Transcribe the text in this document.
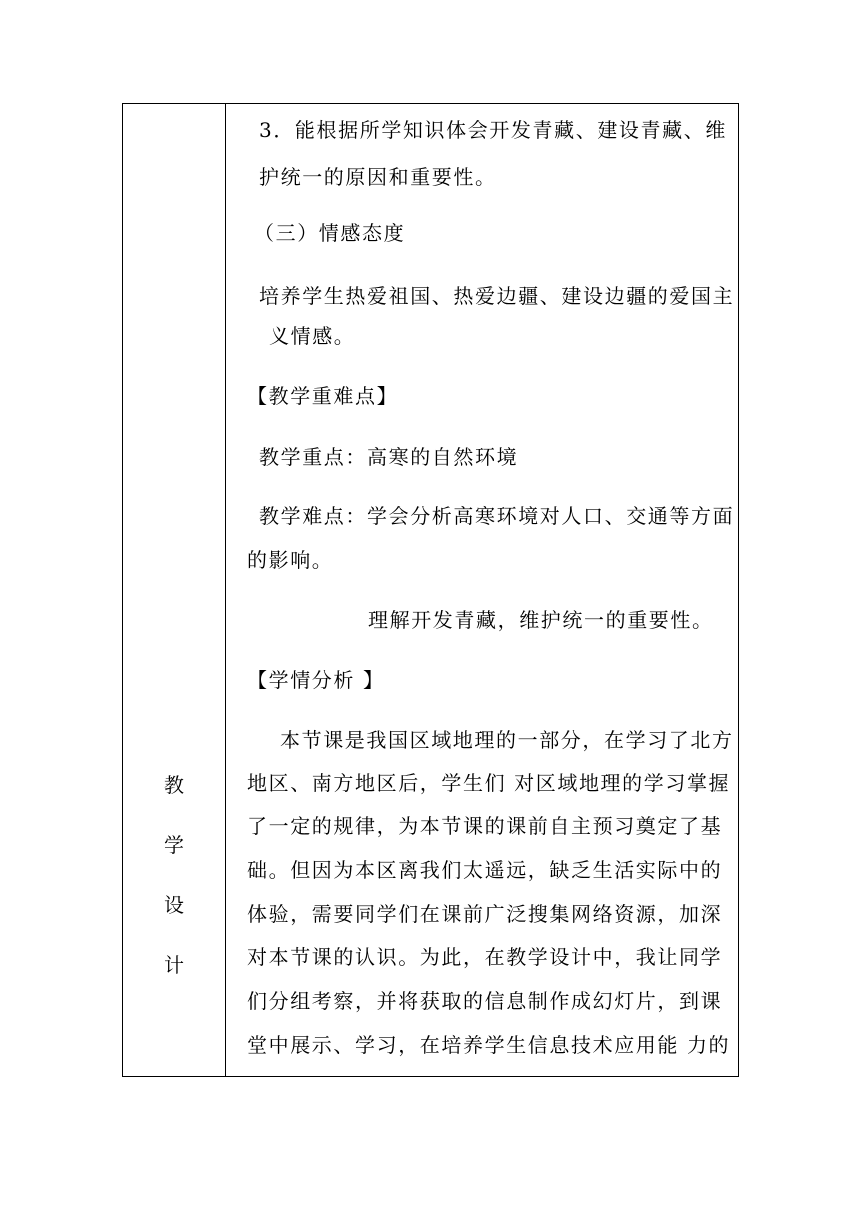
教
学
设
计
3．能根据所学知识体会开发青藏、建设青藏、维
护统一的原因和重要性。
（三）情感态度
培养学生热爱祖国、热爱边疆、建设边疆的爱国主
义情感。
【教学重难点】
教学重点：高寒的自然环境
教学难点：学会分析高寒环境对人口、交通等方面
的影响。
理解开发青藏，维护统一的重要性。
【学情分析 】
本节课是我国区域地理的一部分，在学习了北方
地区、南方地区后，学生们 对区域地理的学习掌握
了一定的规律，为本节课的课前自主预习奠定了基
础。但因为本区离我们太遥远，缺乏生活实际中的
体验，需要同学们在课前广泛搜集网络资源，加深
对本节课的认识。为此，在教学设计中，我让同学
们分组考察，并将获取的信息制作成幻灯片，到课
堂中展示、学习，在培养学生信息技术应用能 力的
